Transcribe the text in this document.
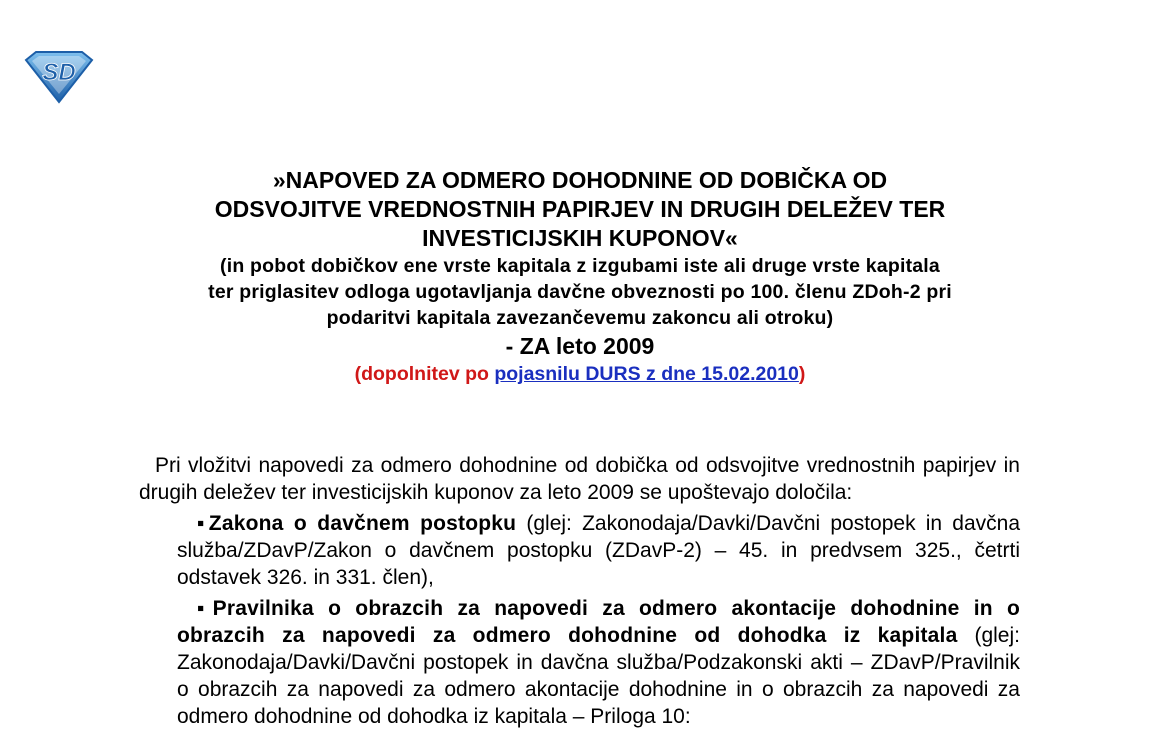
SD
»NAPOVED ZA ODMERO DOHODNINE OD DOBIČKA OD
ODSVOJITVE VREDNOSTNIH PAPIRJEV IN DRUGIH DELEŽEV TER
INVESTICIJSKIH KUPONOV«
(in pobot dobičkov ene vrste kapitala z izgubami iste ali druge vrste kapitala
ter priglasitev odloga ugotavljanja davčne obveznosti po 100. členu ZDoh-2 pri
podaritvi kapitala zavezančevemu zakoncu ali otroku)
- ZA leto 2009
(dopolnitev po pojasnilu DURS z dne 15.02.2010)

Pri vložitvi napovedi za odmero dohodnine od dobička od odsvojitve vrednostnih papirjev in drugih deležev ter investicijskih kuponov za leto 2009 se upoštevajo določila:

▪Zakona o davčnem postopku (glej: Zakonodaja/Davki/Davčni postopek in davčna služba/ZDavP/Zakon o davčnem postopku (ZDavP-2) – 45. in predvsem 325., četrti odstavek 326. in 331. člen),
▪Pravilnika o obrazcih za napovedi za odmero akontacije dohodnine in o obrazcih za napovedi za odmero dohodnine od dohodka iz kapitala (glej: Zakonodaja/Davki/Davčni postopek in davčna služba/Podzakonski akti – ZDavP/Pravilnik o obrazcih za napovedi za odmero akontacije dohodnine in o obrazcih za napovedi za odmero dohodnine od dohodka iz kapitala – Priloga 10:
